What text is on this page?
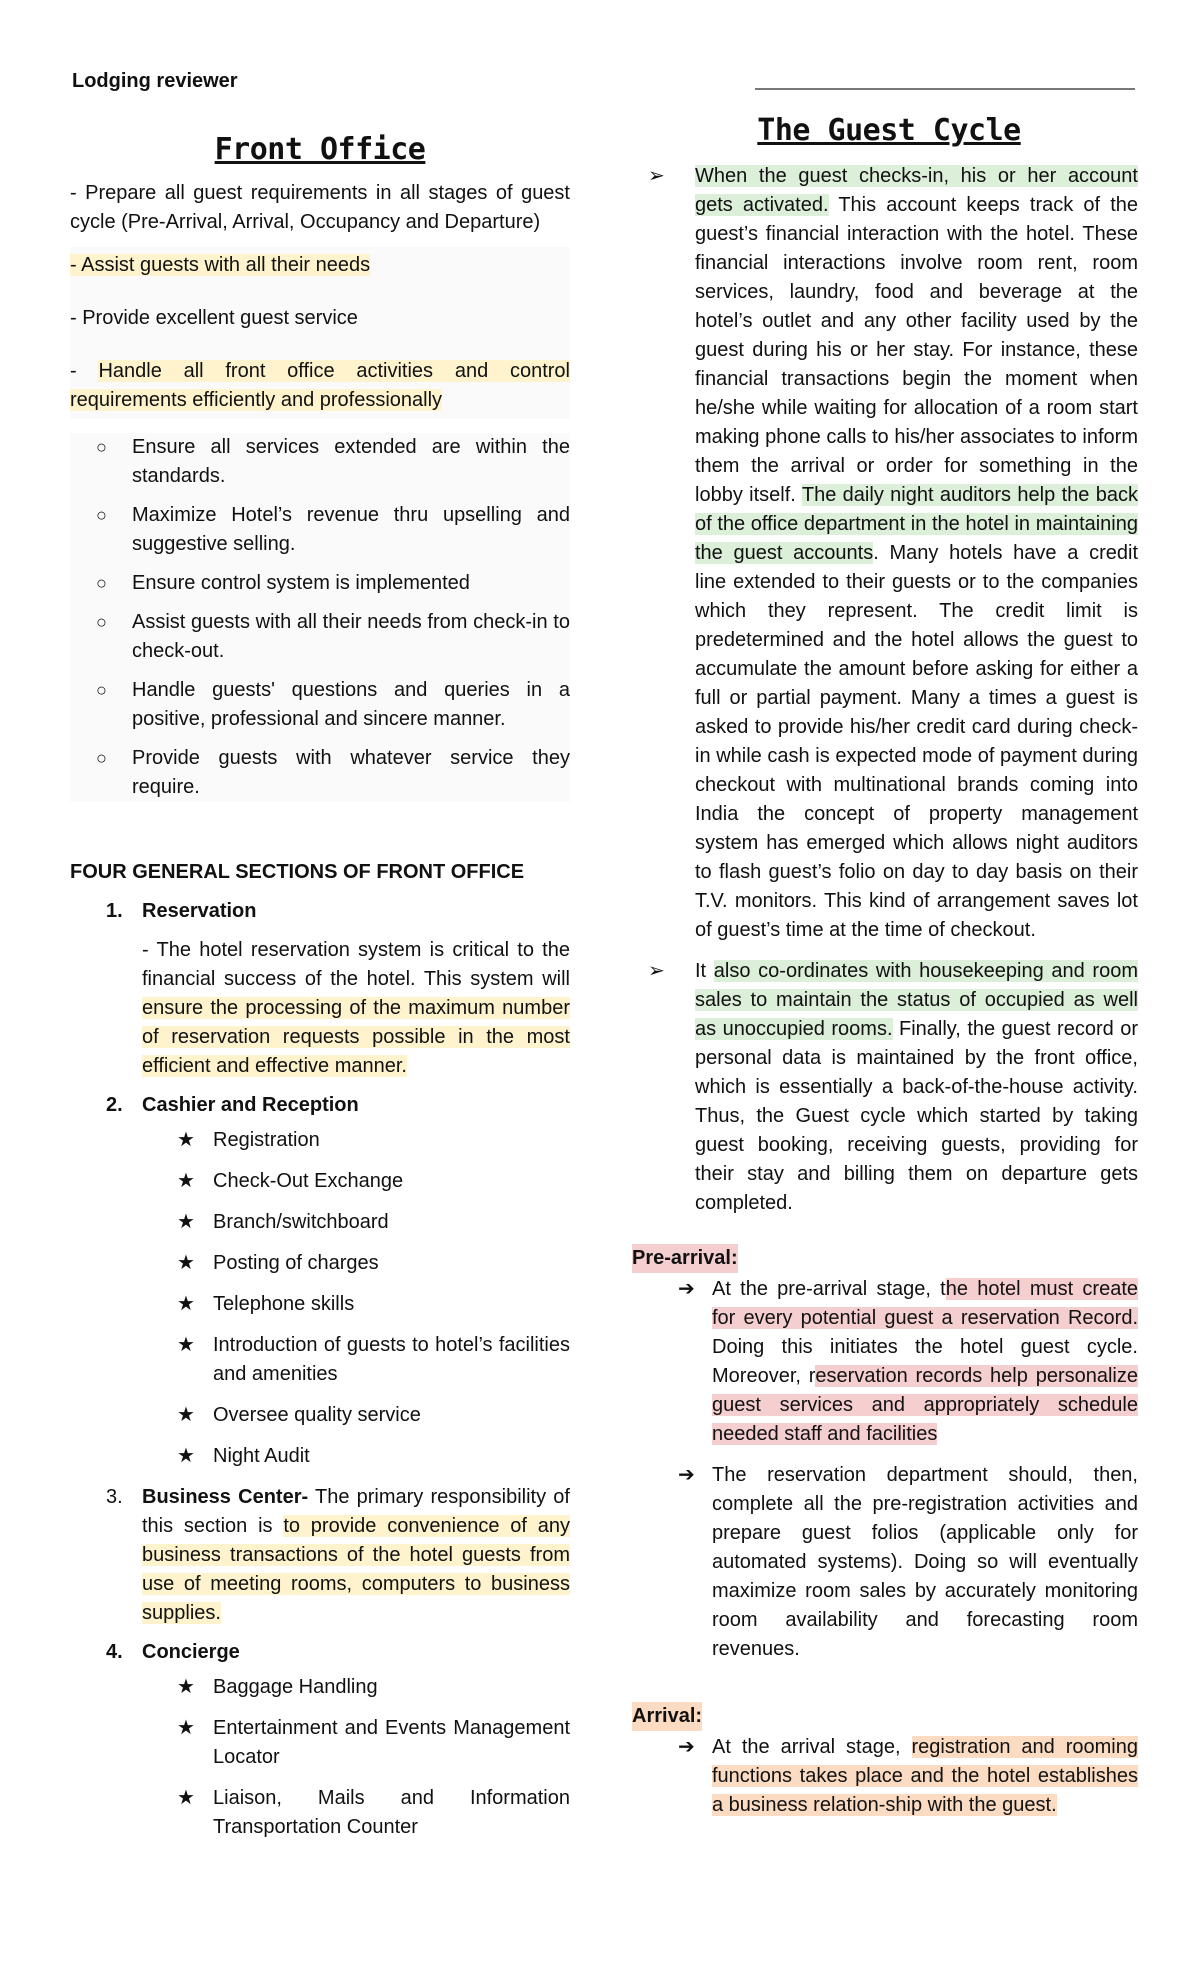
Lodging reviewer
Front Office

- Prepare all guest requirements in all stages of guest cycle (Pre-Arrival, Arrival, Occupancy and Departure)

- Assist guests with all their needs

- Provide excellent guest service

- Handle all front office activities and control requirements efficiently and professionally

○ Ensure all services extended are within the standards.
○ Maximize Hotel’s revenue thru upselling and suggestive selling.
○ Ensure control system is implemented
○ Assist guests with all their needs from check-in to check-out.
○ Handle guests' questions and queries in a positive, professional and sincere manner.
○ Provide guests with whatever service they require.
FOUR GENERAL SECTIONS OF FRONT OFFICE
1. Reservation

- The hotel reservation system is critical to the financial success of the hotel. This system will ensure the processing of the maximum number of reservation requests possible in the most efficient and effective manner.

2. Cashier and Reception
★ Registration
★ Check-Out Exchange
★ Branch/switchboard
★ Posting of charges
★ Telephone skills
★ Introduction of guests to hotel’s facilities and amenities
★ Oversee quality service
★ Night Audit
3. Business Center- The primary responsibility of this section is to provide convenience of any business transactions of the hotel guests from use of meeting rooms, computers to business supplies.
4. Concierge
★ Baggage Handling
★ Entertainment and Events Management Locator
★ Liaison, Mails and Information Transportation Counter
The Guest Cycle
➢ When the guest checks-in, his or her account gets activated. This account keeps track of the guest’s financial interaction with the hotel. These financial interactions involve room rent, room services, laundry, food and beverage at the hotel’s outlet and any other facility used by the guest during his or her stay. For instance, these financial transactions begin the moment when he/she while waiting for allocation of a room start making phone calls to his/her associates to inform them the arrival or order for something in the lobby itself. The daily night auditors help the back of the office department in the hotel in maintaining the guest accounts. Many hotels have a credit line extended to their guests or to the companies which they represent. The credit limit is predetermined and the hotel allows the guest to accumulate the amount before asking for either a full or partial payment. Many a times a guest is asked to provide his/her credit card during check-in while cash is expected mode of payment during checkout with multinational brands coming into India the concept of property management system has emerged which allows night auditors to flash guest’s folio on day to day basis on their T.V. monitors. This kind of arrangement saves lot of guest’s time at the time of checkout.
➢ It also co-ordinates with housekeeping and room sales to maintain the status of occupied as well as unoccupied rooms. Finally, the guest record or personal data is maintained by the front office, which is essentially a back-of-the-house activity. Thus, the Guest cycle which started by taking guest booking, receiving guests, providing for their stay and billing them on departure gets completed.
Pre-arrival:
➔ At the pre-arrival stage, the hotel must create for every potential guest a reservation Record. Doing this initiates the hotel guest cycle. Moreover, reservation records help personalize guest services and appropriately schedule needed staff and facilities
➔ The reservation department should, then, complete all the pre-registration activities and prepare guest folios (applicable only for automated systems). Doing so will eventually maximize room sales by accurately monitoring room availability and forecasting room revenues.
Arrival:
➔ At the arrival stage, registration and rooming functions takes place and the hotel establishes a business relation-ship with the guest.
